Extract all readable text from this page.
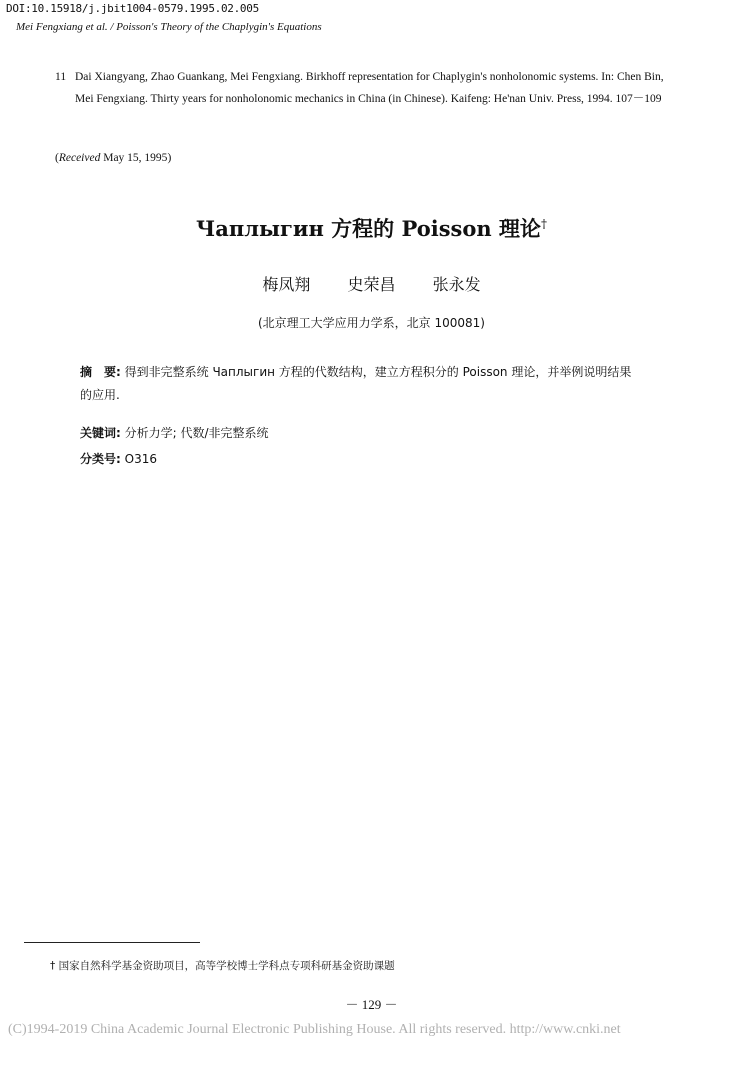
DOI:10.15918/j.jbit1004-0579.1995.02.005
Mei Fengxiang et al. / Poisson's Theory of the Chaplygin's Equations
11 Dai Xiangyang, Zhao Guankang, Mei Fengxiang. Birkhoff representation for Chaplygin's nonholonomic systems. In: Chen Bin, Mei Fengxiang. Thirty years for nonholonomic mechanics in China (in Chinese). Kaifeng: He'nan Univ. Press, 1994. 107－109
(Received May 15, 1995)
Чаплыгин 方程的 Poisson 理论†
梅凤翔 史荣昌 张永发
(北京理工大学应用力学系，北京 100081)
摘　要: 得到非完整系统 Чаплыгин 方程的代数结构，建立方程积分的 Poisson 理论，并举例说明结果的应用.
关键词: 分析力学; 代数/非完整系统
分类号: O316
† 国家自然科学基金资助项目，高等学校博士学科点专项科研基金资助课题
－ 129 －
(C)1994-2019 China Academic Journal Electronic Publishing House. All rights reserved. http://www.cnki.net
